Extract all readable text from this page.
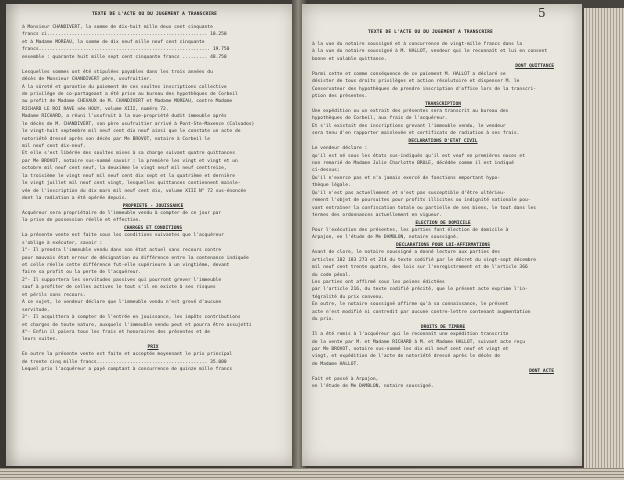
TEXTE DE L'ACTE OU DU JUGEMENT A TRANSCRIRE
à Monsieur CHANDIVERT, la somme de dix-huit mille deux cent cinquante
francs ci.......................................................... 18.250
et à Madame MOREAU, la somme de dix neuf mille neuf cent cinquante
francs.............................................................. 19.750
ensemble : quarante huit mille sept cent cinquante francs ......... 48.750
Lesquelles sommes ont été stipulées payables dans les trois années du
décès de Monsieur CHANDIVERT père, usufruitier.
A la sûreté et garantie du paiement de ces soultes inscriptions collective
de privilège de co-partageant a été prise au bureau des hypothèques de Corbeil
au profit de Madame CHEVAUX de M. CHANDIVERT et Madame MOREAU, contre Madame
RICHARD LE ROI RAVE née HOUY, volume XIII, numéro 72.
Madame RICHARD, a réuni l'usufruit à la nue-propriété dudit immeuble après
le décès de M. CHANDIVERT, son père usufruitier arrivé à Pont-Ste-Maxence (Calvados)
le vingt-huit septembre mil neuf cent dix neuf ainsi que le constate un acte de
notoriété dressé après son décès par Me BROVOT, notaire à Corbeil le
mil neuf cent dix-neuf.
Et elle s'est libérée des soultes mises à sa charge suivant quatre quittances
par Me BROVOT, notaire sus-nommé savoir : la première les vingt et vingt et un
octobre mil neuf cent neuf, la deuxième le vingt neuf mil neuf centtreize,
la troisième le vingt neuf mil neuf cent dix sept et la quatrième et dernière
le vingt juillet mil neuf cent vingt, lesquelles quittances contiennent mainle-
vée de l'inscription du dix mars mil neuf cent dix, volume XIII N° 72 sus-énoncée
dont la radiation a été opérée depuis.
PROPRIETE - JOUISSANCE
Acquéreur sera propriétaire de l'immeuble vendu à compter de ce jour par
la prise de possession réelle et effective.
CHARGES ET CONDITIONS
La présente vente est faite sous les conditions suivantes que l'acquéreur
s'oblige à exécuter, savoir :
1°- Il prendra l'immeuble vendu dans son état actuel sans recours contre
pour mauvais état erreur de désignation ou différence entre la contenance indiquée
et celle réelle cette différence fut-elle supérieure à un vingtième, devant
faire sa profit ou la perte de l'acquéreur.
2°- Il supportera les servitudes passives qui pourront grever l'immeuble
sauf à profiter de celles actives le tout s'il en existe à ses risques
et périls sans recours.
A ce sujet, le vendeur déclare que l'immeuble vendu n'est grevé d'aucune
servitude.
3°- Il acquittera à compter de l'entrée en jouissance, les impôts contributions
et charges de toute nature, auxquels l'immeuble vendu peut et pourra être assujetti
4°- Enfin il paiera tous les frais et honoraires des présentes et de
leurs suites.
PRIX
En outre la présente vente est faite et acceptée moyennant le prix principal
de trente cinq mille francs........................................ 35.000
Lequel prix l'acquéreur a payé comptant à concurrence de quinze mille francs
5
TEXTE DE L'ACTE OU DU JUGEMENT A TRANSCRIRE
à la vue du notaire soussigné et à concurrence de vingt-mille francs dans la
à la vue du notaire soussigné à M. HALLOT, vendeur qui le reconnaît et lui en consent
bonne et valable quittance.
DONT QUITTANCE
Parmi cette et comme conséquence de ce paiement M. HALLOT a déclaré se
désister de tous droits privilèges et action résolutoire et dispenser M. le
Conservateur des hypothèques de prendre inscription d'office lors de la transcri-
ption des présentes.
TRANSCRIPTION
Une expédition ou un extrait des présentes sera transcrit au bureau des
hypothèques de Corbeil, aux frais de l'acquéreur.
Et s'il existait des inscriptions grevant l'immeuble vendu, le vendeur
sera tenu d'en rapporter mainlevée et certificats de radiation à ses frais.
DECLARATIONS D'ETAT CIVIL
Le vendeur déclare :
qu'il est né sous les états sus-indiqués qu'il est veuf en premières noces et
non remarié de Madame Julie Charlotte BRULE, décédée comme il est indiqué
ci-dessus;
Qu'il n'exerce pas et n'a jamais exercé de fonctions emportant hypo-
thèque légale.
Qu'il n'est pas actuellement et n'est pas susceptible d'être ultérieu-
rement l'objet de poursuites pour profits illicites ou indignité nationale pou-
vant entraîner la confiscation totale ou partielle de ses biens, le tout dans les
termes des ordonnances actuellement en vigueur.
ELECTION DE DOMICILE
Pour l'exécution des présentes, les parties font élection de domicile à
Arpajon, en l'étude de Me DAMBLON, notaire soussigné.
DECLARATIONS POUR LOI-AFFIRMATIONS
Avant de clore, le notaire soussigné a donné lecture aux parties des
articles 182 183 273 et 214 du texte codifié par le décret du vingt-sept décembre
mil neuf cent trente quatre, des lois sur l'enregistrement et de l'article 366
du code pénal.
Les parties ont affirmé sous les peines édictées
par l'article 216, du texte codifié précité, que le présent acte exprime l'in-
tégralité du prix convenu.
En outre, le notaire soussigné affirme qu'à sa connaissance, le présent
acte n'est modifié ni contredit par aucune contre-lettre contenant augmentation
du prix.
DROITS DE TIMBRE
Il a été remis à l'acquéreur qui le reconnaît une expédition transcrite
de la vente par M. et Madame RICHARD à M. et Madame HALLOT, suivant acte reçu
par Me BROVOT, notaire sus-nommé les dix mil neuf cent neuf et vingt et
vingt, et expédition de l'acte de notoriété dressé après le décès de
de Madame HALLOT.
DONT ACTE
Fait et passé à Arpajon,
en l'étude de Me DAMBLON, notaire soussigné.
